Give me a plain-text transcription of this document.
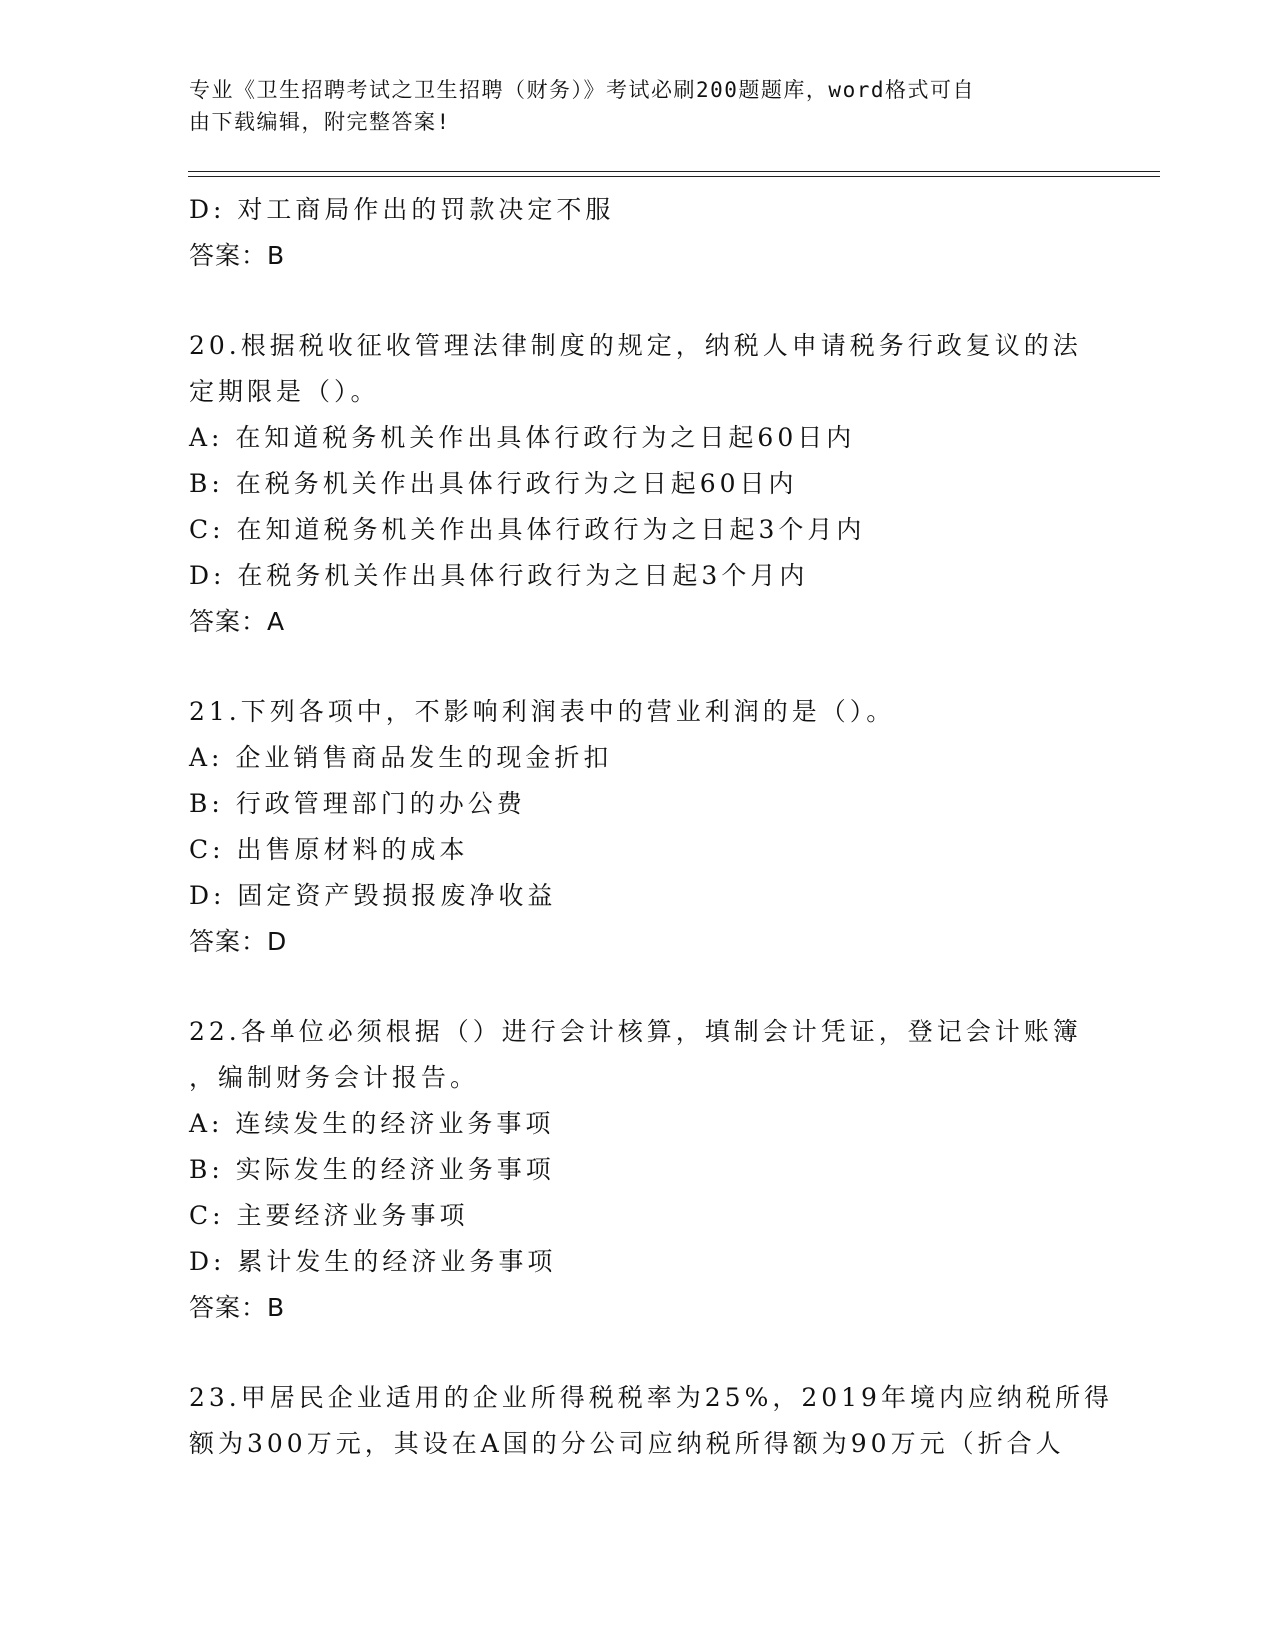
专业《卫生招聘考试之卫生招聘（财务）》考试必刷200题题库，word格式可自
由下载编辑，附完整答案!
D: 对工商局作出的罚款决定不服
答案：B
20.根据税收征收管理法律制度的规定，纳税人申请税务行政复议的法
定期限是（）。
A: 在知道税务机关作出具体行政行为之日起60日内
B: 在税务机关作出具体行政行为之日起60日内
C: 在知道税务机关作出具体行政行为之日起3个月内
D: 在税务机关作出具体行政行为之日起3个月内
答案：A
21.下列各项中，不影响利润表中的营业利润的是（）。
A: 企业销售商品发生的现金折扣
B: 行政管理部门的办公费
C: 出售原材料的成本
D: 固定资产毁损报废净收益
答案：D
22.各单位必须根据（）进行会计核算，填制会计凭证，登记会计账簿
，编制财务会计报告。
A: 连续发生的经济业务事项
B: 实际发生的经济业务事项
C: 主要经济业务事项
D: 累计发生的经济业务事项
答案：B
23.甲居民企业适用的企业所得税税率为25%，2019年境内应纳税所得
额为300万元，其设在A国的分公司应纳税所得额为90万元（折合人
